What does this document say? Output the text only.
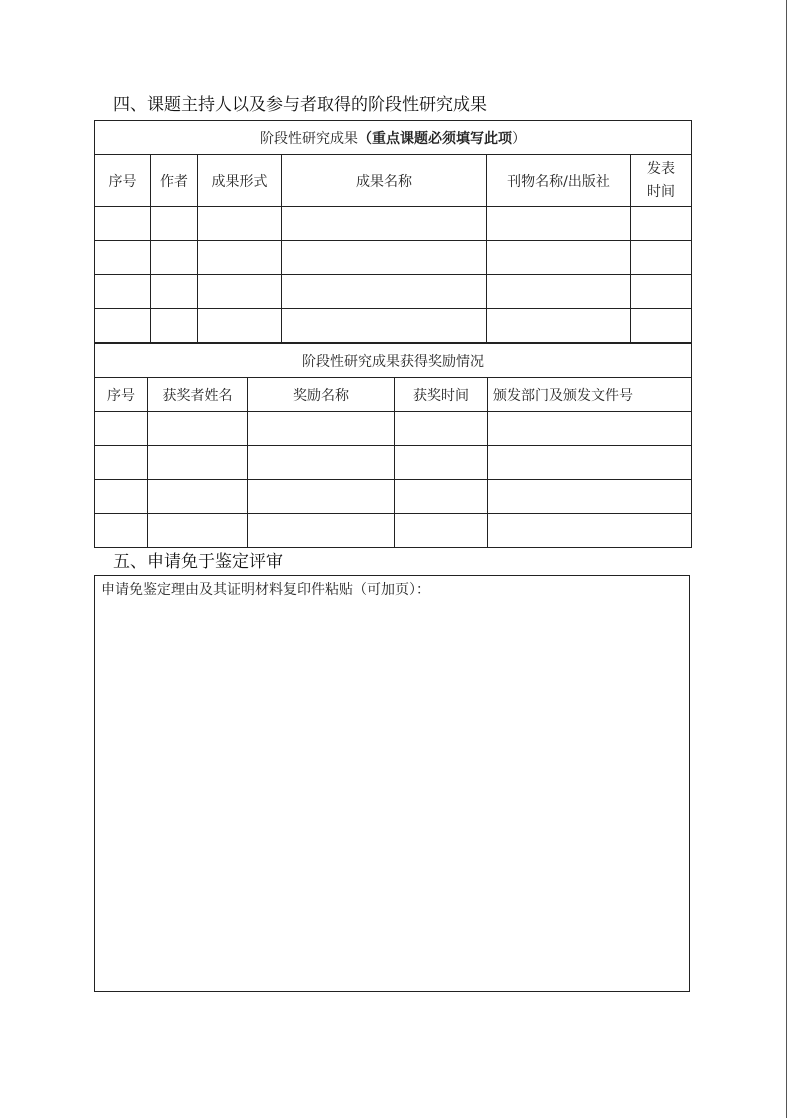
四、课题主持人以及参与者取得的阶段性研究成果
阶段性研究成果（重点课题必须填写此项）					
序号	作者	成果形式	成果名称	刊物名称/出版社	发表
时间

阶段性研究成果获得奖励情况				
序号	获奖者姓名	奖励名称	获奖时间	颁发部门及颁发文件号

五、申请免于鉴定评审
申请免鉴定理由及其证明材料复印件粘贴（可加页）：
